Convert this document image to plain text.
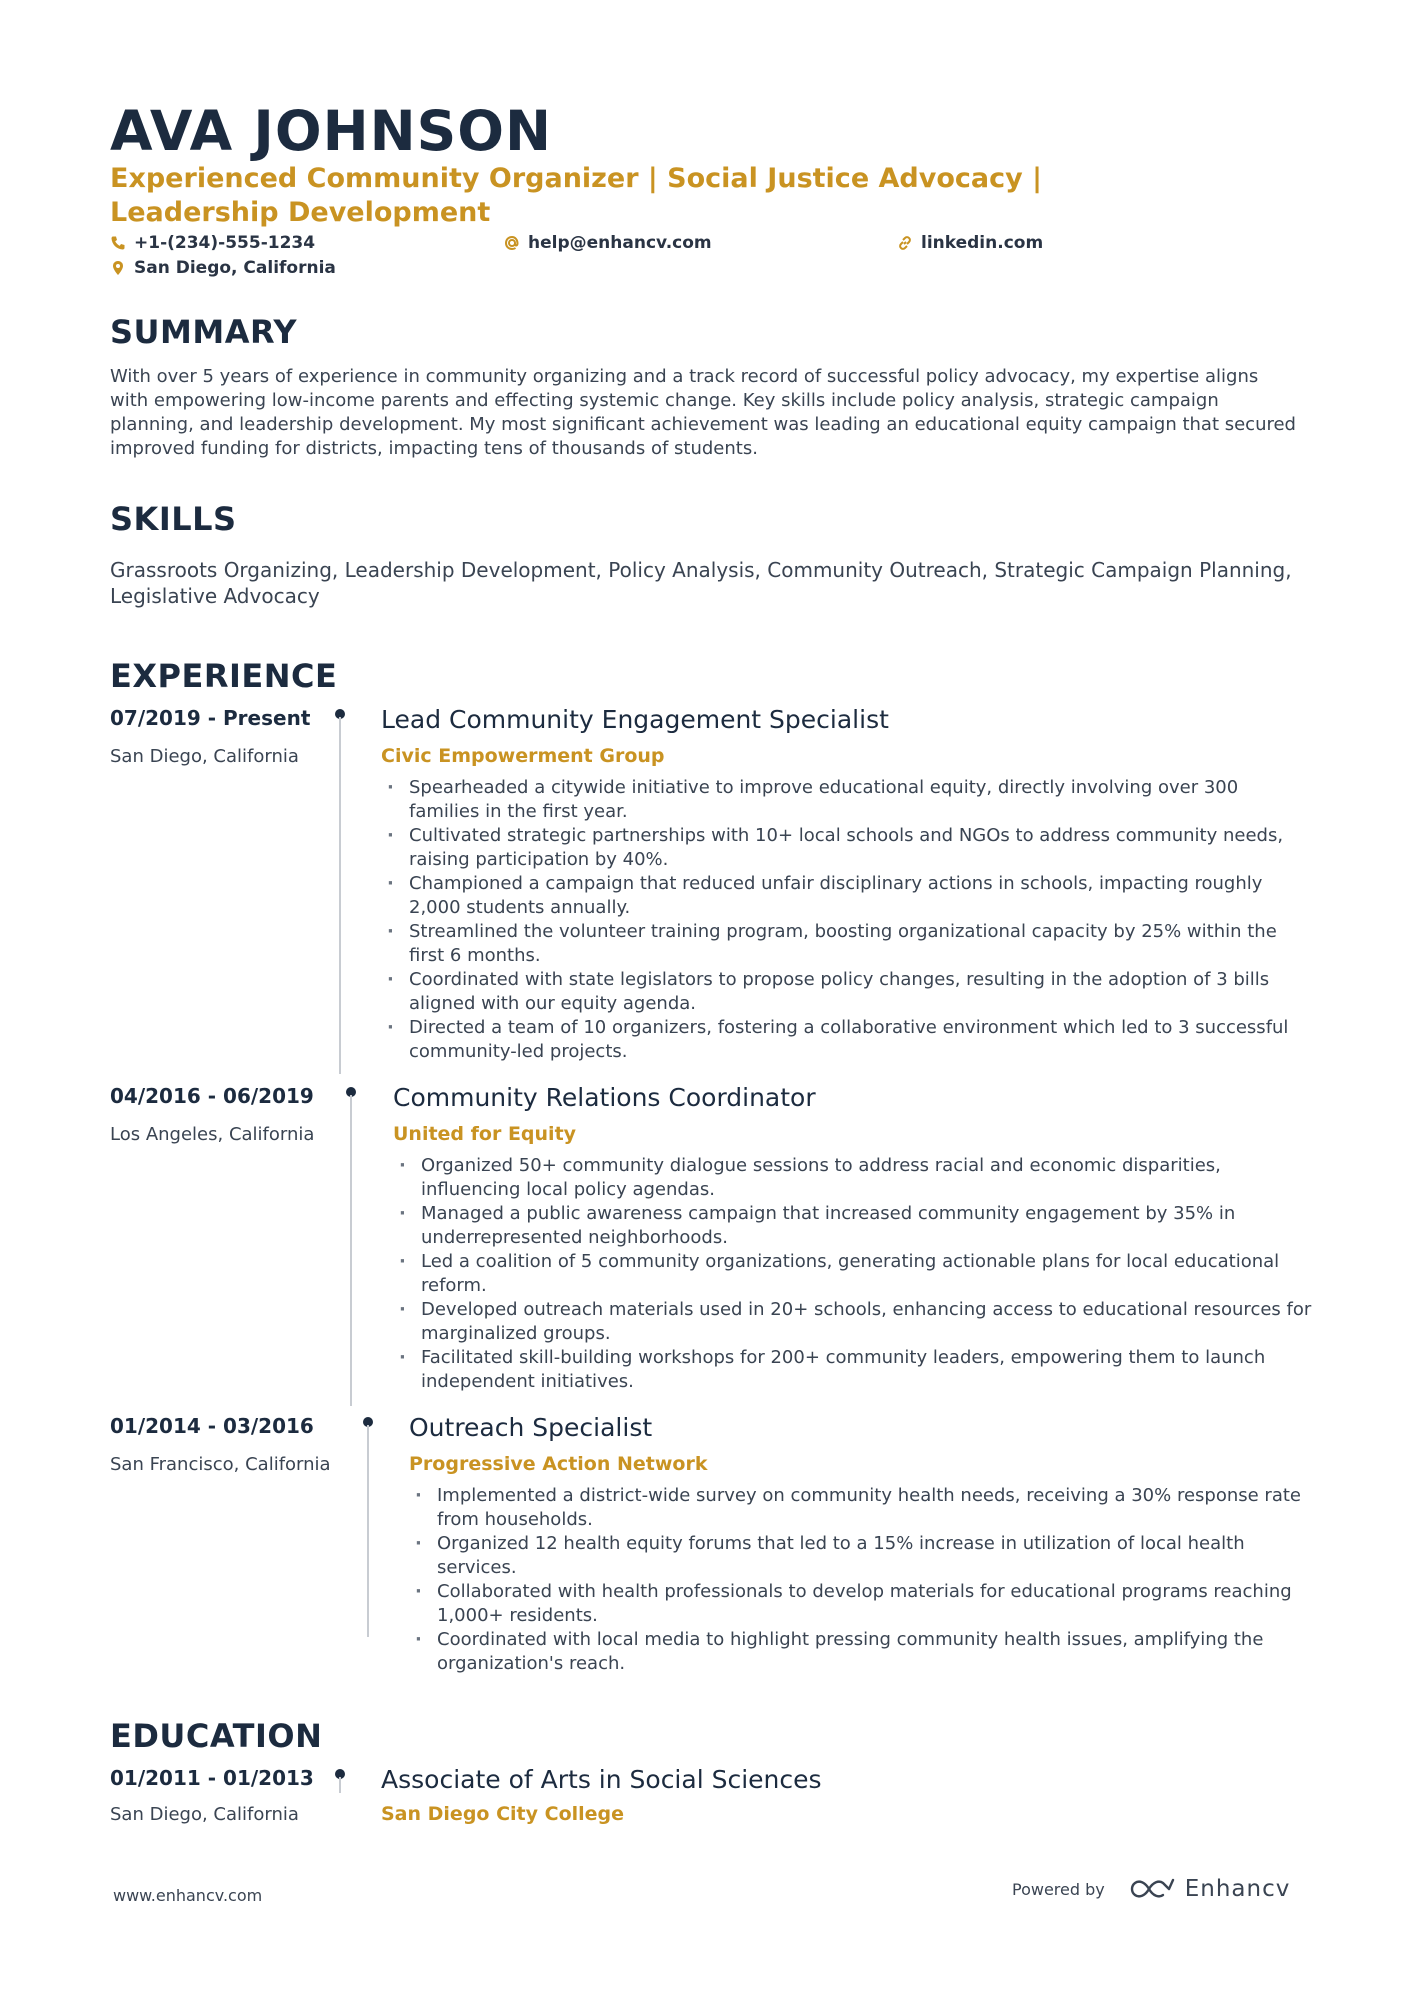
AVA JOHNSON
Experienced Community Organizer | Social Justice Advocacy | Leadership Development
+1-(234)-555-1234	help@enhancv.com	linkedin.com
San Diego, California
SUMMARY
With over 5 years of experience in community organizing and a track record of successful policy advocacy, my expertise aligns with empowering low-income parents and effecting systemic change. Key skills include policy analysis, strategic campaign planning, and leadership development. My most significant achievement was leading an educational equity campaign that secured improved funding for districts, impacting tens of thousands of students.
SKILLS
Grassroots Organizing, Leadership Development, Policy Analysis, Community Outreach, Strategic Campaign Planning, Legislative Advocacy
EXPERIENCE
07/2019 - Present
San Diego, California
Lead Community Engagement Specialist
Civic Empowerment Group
· Spearheaded a citywide initiative to improve educational equity, directly involving over 300 families in the first year.
· Cultivated strategic partnerships with 10+ local schools and NGOs to address community needs, raising participation by 40%.
· Championed a campaign that reduced unfair disciplinary actions in schools, impacting roughly 2,000 students annually.
· Streamlined the volunteer training program, boosting organizational capacity by 25% within the first 6 months.
· Coordinated with state legislators to propose policy changes, resulting in the adoption of 3 bills aligned with our equity agenda.
· Directed a team of 10 organizers, fostering a collaborative environment which led to 3 successful community-led projects.
04/2016 - 06/2019
Los Angeles, California
Community Relations Coordinator
United for Equity
· Organized 50+ community dialogue sessions to address racial and economic disparities, influencing local policy agendas.
· Managed a public awareness campaign that increased community engagement by 35% in underrepresented neighborhoods.
· Led a coalition of 5 community organizations, generating actionable plans for local educational reform.
· Developed outreach materials used in 20+ schools, enhancing access to educational resources for marginalized groups.
· Facilitated skill-building workshops for 200+ community leaders, empowering them to launch independent initiatives.
01/2014 - 03/2016
San Francisco, California
Outreach Specialist
Progressive Action Network
· Implemented a district-wide survey on community health needs, receiving a 30% response rate from households.
· Organized 12 health equity forums that led to a 15% increase in utilization of local health services.
· Collaborated with health professionals to develop materials for educational programs reaching 1,000+ residents.
· Coordinated with local media to highlight pressing community health issues, amplifying the organization's reach.
EDUCATION
01/2011 - 01/2013
San Diego, California
Associate of Arts in Social Sciences
San Diego City College
www.enhancv.com	Powered by	Enhancv
